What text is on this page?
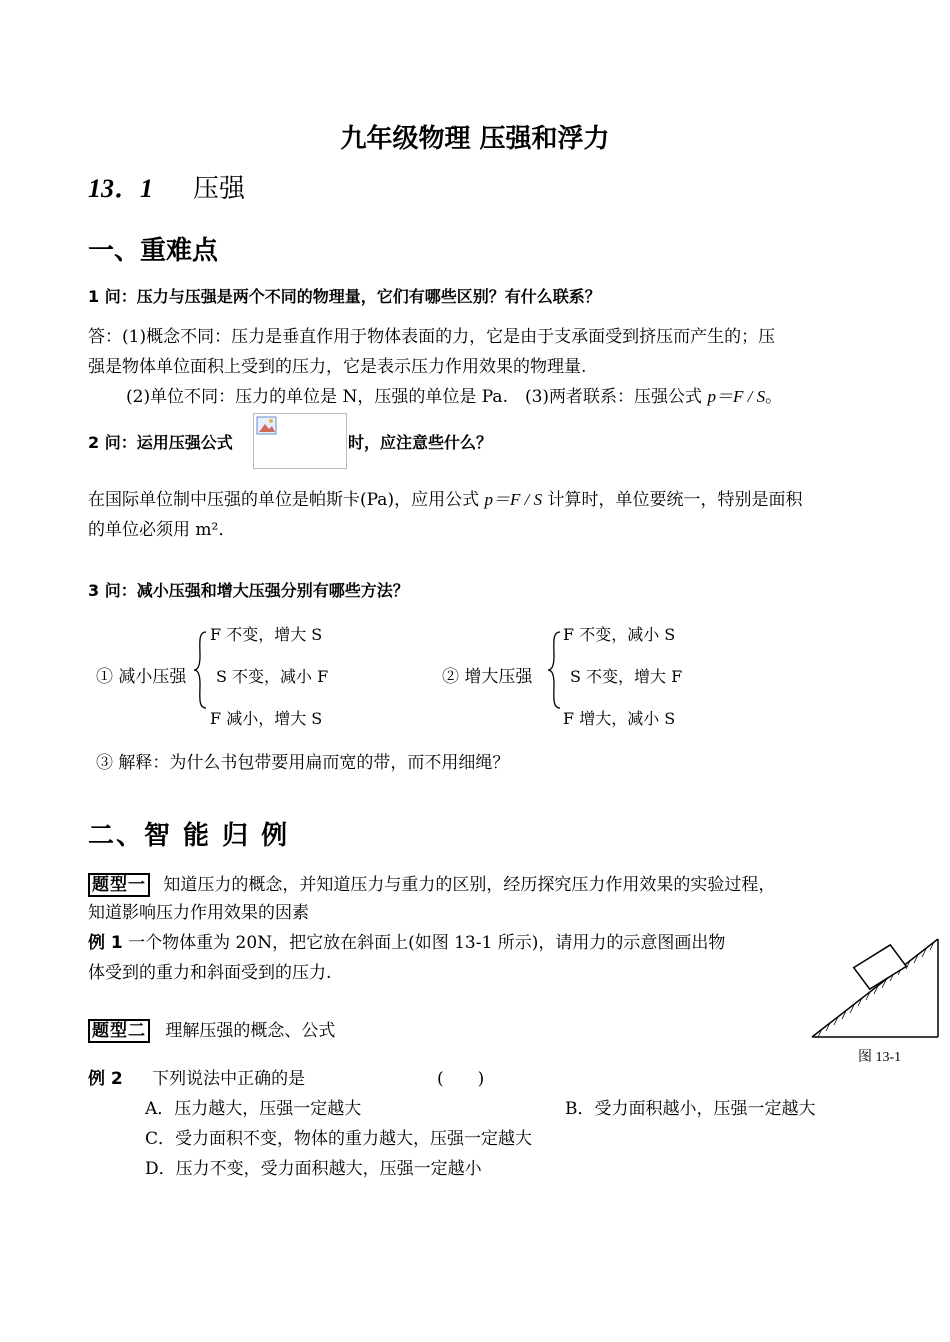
九年级物理 压强和浮力
13．1 压强
一、重难点
1 问：压力与压强是两个不同的物理量，它们有哪些区别？有什么联系？
答：(1)概念不同：压力是垂直作用于物体表面的力，它是由于支承面受到挤压而产生的；压
强是物体单位面积上受到的压力，它是表示压力作用效果的物理量.
(2)单位不同：压力的单位是 N，压强的单位是 Pa.　(3)两者联系：压强公式 p＝F / S。
2 问：运用压强公式	时，应注意些什么？
在国际单位制中压强的单位是帕斯卡(Pa)，应用公式 p＝F / S 计算时，单位要统一，特别是面积
的单位必须用 m²．
3 问：减小压强和增大压强分别有哪些方法？
① 减小压强
F 不变，增大 S
S 不变，减小 F
F 减小，增大 S
② 增大压强
F 不变，减小 S
S 不变，增大 F
F 增大，减小 S
③ 解释：为什么书包带要用扁而宽的带，而不用细绳？
二、智 能 归 例
题型一 知道压力的概念，并知道压力与重力的区别，经历探究压力作用效果的实验过程，
知道影响压力作用效果的因素
例 1 一个物体重为 20N，把它放在斜面上(如图 13-1 所示)，请用力的示意图画出物
体受到的重力和斜面受到的压力.
图 13-1
题型二 理解压强的概念、公式
例 2 下列说法中正确的是	(　　)
A．压力越大，压强一定越大	B．受力面积越小，压强一定越大
C．受力面积不变，物体的重力越大，压强一定越大
D．压力不变，受力面积越大，压强一定越小
